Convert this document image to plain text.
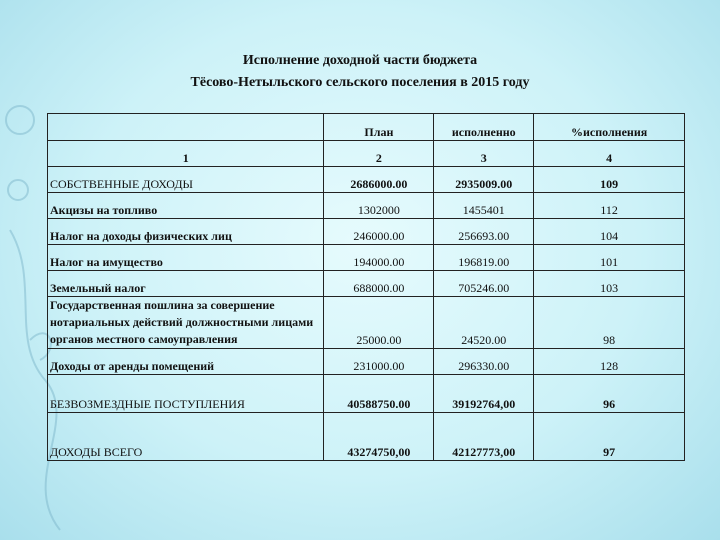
Исполнение доходной части бюджета
Тёсово-Нетыльского сельского поселения в 2015 году
	План	исполненно	%исполнения
1	2	3	4
СОБСТВЕННЫЕ ДОХОДЫ	2686000.00	2935009.00	109
Акцизы на топливо	1302000	1455401	112
Налог на доходы физических лиц	246000.00	256693.00	104
Налог на имущество	194000.00	196819.00	101
Земельный налог	688000.00	705246.00	103
Государственная пошлина за совершение нотариальных действий должностными лицами органов местного самоуправления	25000.00	24520.00	98
Доходы от аренды помещений	231000.00	296330.00	128
БЕЗВОЗМЕЗДНЫЕ ПОСТУПЛЕНИЯ	40588750.00	39192764,00	96
ДОХОДЫ ВСЕГО	43274750,00	42127773,00	97
